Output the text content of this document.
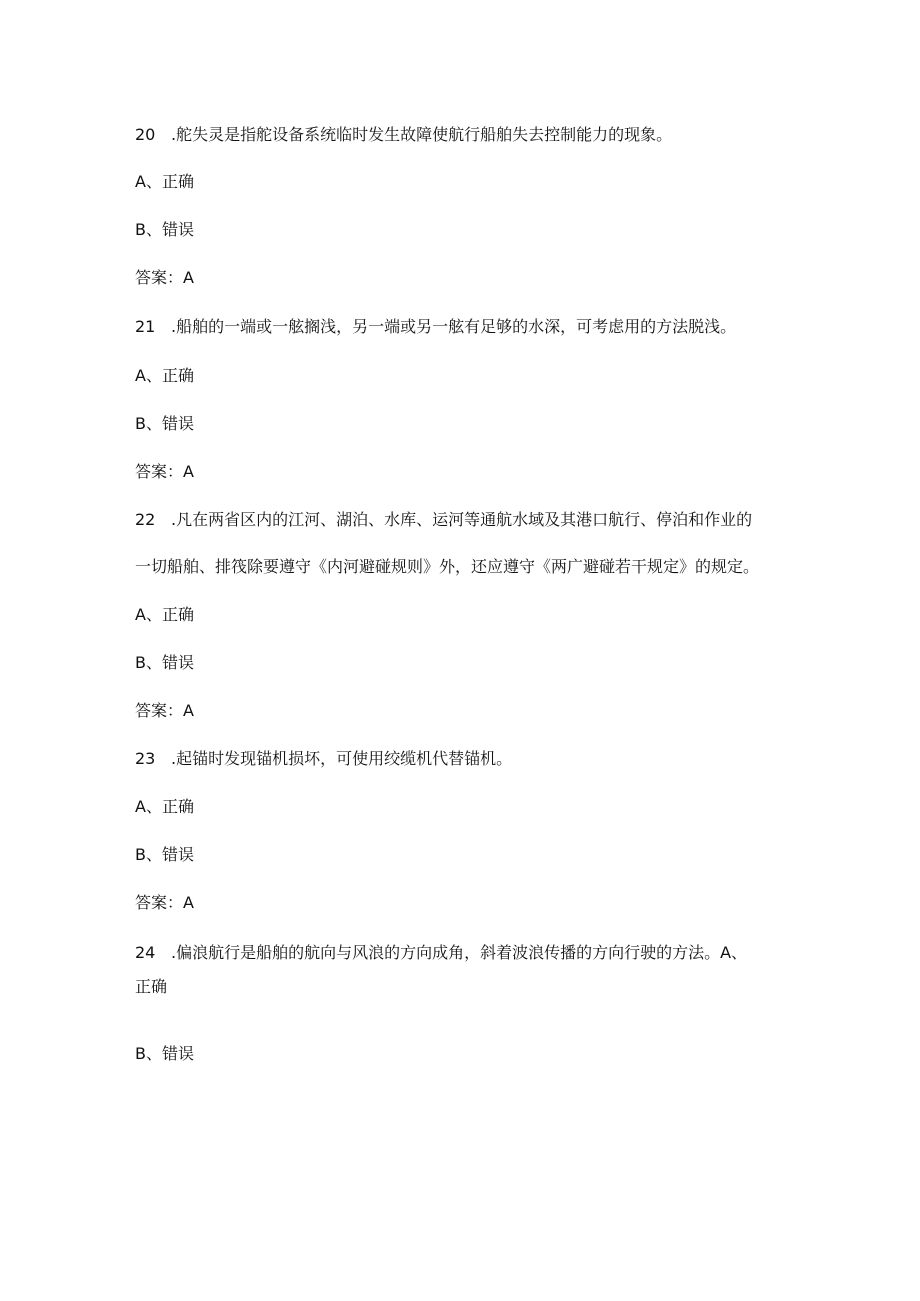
20 .舵失灵是指舵设备系统临时发生故障使航行船舶失去控制能力的现象。
A、正确
B、错误
答案：A
21 .船舶的一端或一舷搁浅，另一端或另一舷有足够的水深，可考虑用的方法脱浅。
A、正确
B、错误
答案：A
22 .凡在两省区内的江河、湖泊、水库、运河等通航水域及其港口航行、停泊和作业的
一切船舶、排筏除要遵守《内河避碰规则》外，还应遵守《两广避碰若干规定》的规定。
A、正确
B、错误
答案：A
23 .起锚时发现锚机损坏，可使用绞缆机代替锚机。
A、正确
B、错误
答案：A
24 .偏浪航行是船舶的航向与风浪的方向成角，斜着波浪传播的方向行驶的方法。A、
正确
B、错误
